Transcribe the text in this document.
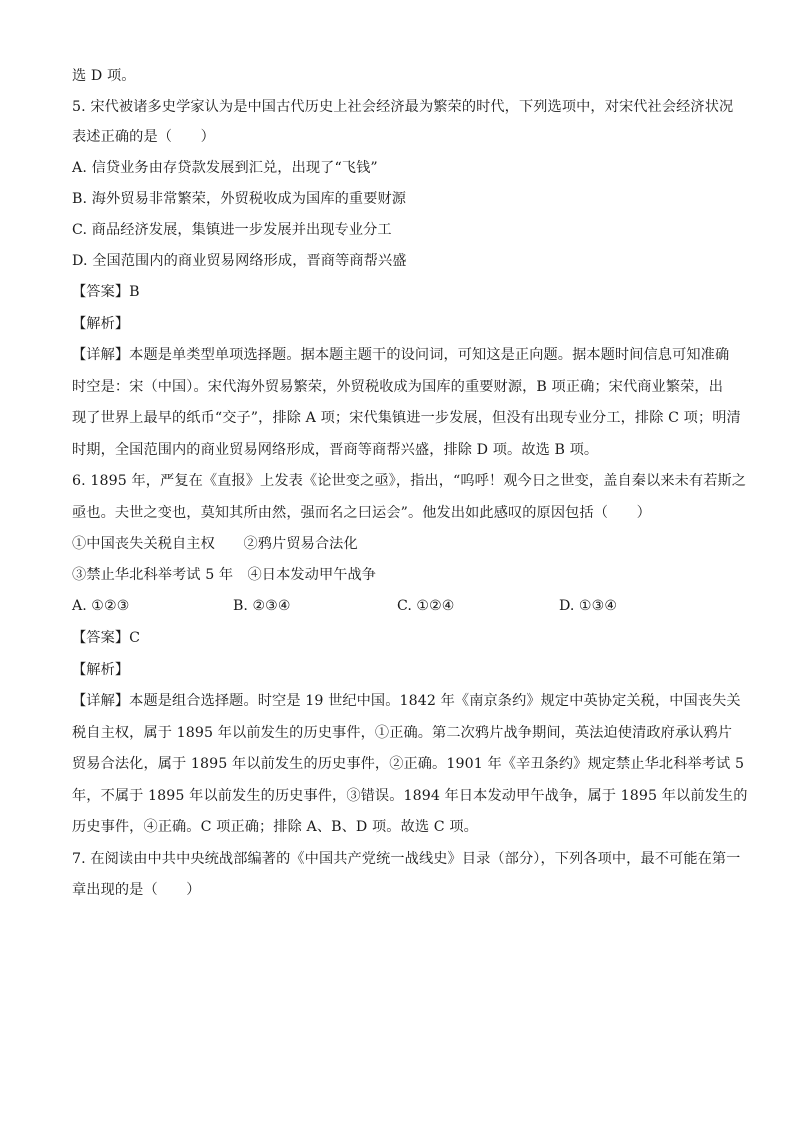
选 D 项。
5. 宋代被诸多史学家认为是中国古代历史上社会经济最为繁荣的时代，下列选项中，对宋代社会经济状况
表述正确的是（　　）
A. 信贷业务由存贷款发展到汇兑，出现了“飞钱”
B. 海外贸易非常繁荣，外贸税收成为国库的重要财源
C. 商品经济发展，集镇进一步发展并出现专业分工
D. 全国范围内的商业贸易网络形成，晋商等商帮兴盛
【答案】B
【解析】
【详解】本题是单类型单项选择题。据本题主题干的设问词，可知这是正向题。据本题时间信息可知准确
时空是：宋（中国）。宋代海外贸易繁荣，外贸税收成为国库的重要财源，B 项正确；宋代商业繁荣，出
现了世界上最早的纸币“交子”，排除 A 项；宋代集镇进一步发展，但没有出现专业分工，排除 C 项；明清
时期，全国范围内的商业贸易网络形成，晋商等商帮兴盛，排除 D 项。故选 B 项。
6. 1895 年，严复在《直报》上发表《论世变之亟》，指出，“呜呼！观今日之世变，盖自秦以来未有若斯之
亟也。夫世之变也，莫知其所由然，强而名之曰运会”。他发出如此感叹的原因包括（　　）
①中国丧失关税自主权　　②鸦片贸易合法化
③禁止华北科举考试 5 年　④日本发动甲午战争
A. ①②③	B. ②③④	C. ①②④	D. ①③④
【答案】C
【解析】
【详解】本题是组合选择题。时空是 19 世纪中国。1842 年《南京条约》规定中英协定关税，中国丧失关
税自主权，属于 1895 年以前发生的历史事件，①正确。第二次鸦片战争期间，英法迫使清政府承认鸦片
贸易合法化，属于 1895 年以前发生的历史事件，②正确。1901 年《辛丑条约》规定禁止华北科举考试 5
年，不属于 1895 年以前发生的历史事件，③错误。1894 年日本发动甲午战争，属于 1895 年以前发生的
历史事件，④正确。C 项正确；排除 A、B、D 项。故选 C 项。
7. 在阅读由中共中央统战部编著的《中国共产党统一战线史》目录（部分），下列各项中，最不可能在第一
章出现的是（　　）
